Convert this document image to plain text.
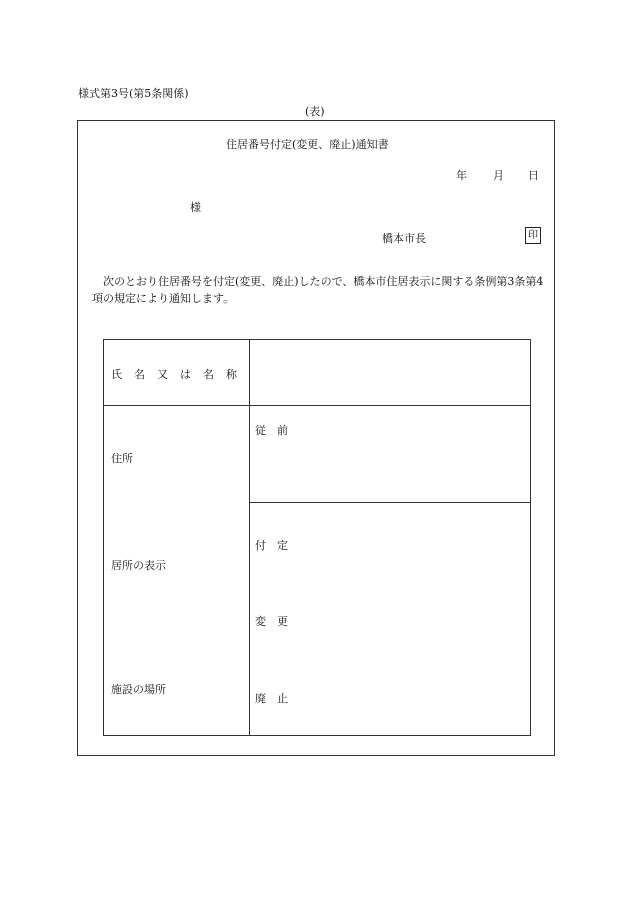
様式第3号(第5条関係)
(表)
住居番号付定(変更、廃止)通知書
年 月 日
様
橋本市長	印
次のとおり住居番号を付定(変更、廃止)したので、橋本市住居表示に関する条例第3条第4項の規定により通知します。
氏名又は名称
住所
居所の表示
施設の場所
従　前
付　定
変　更
廃　止
